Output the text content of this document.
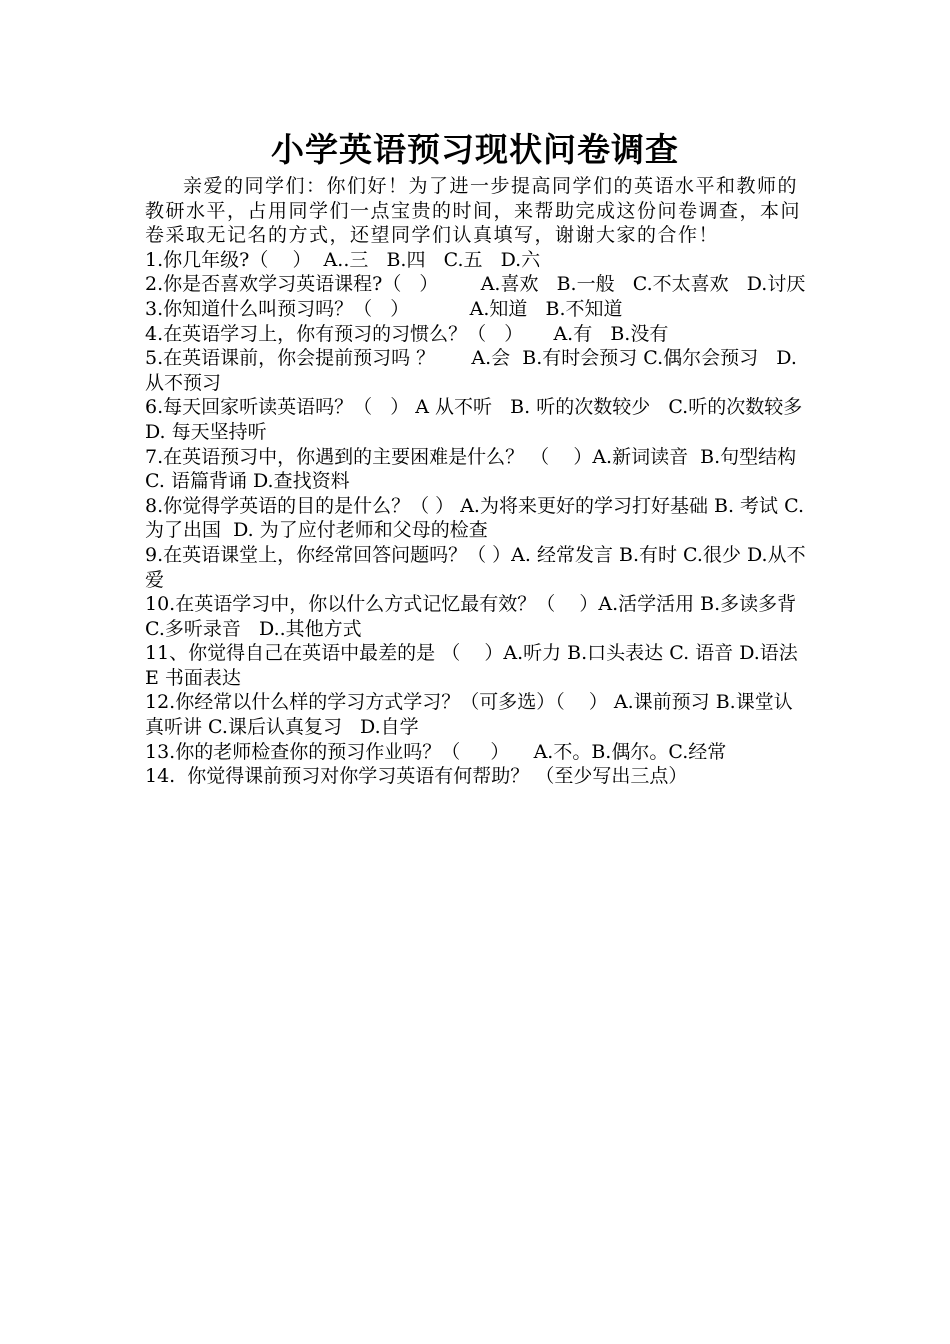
小学英语预习现状问卷调查

亲爱的同学们：你们好！为了进一步提高同学们的英语水平和教师的教研水平，占用同学们一点宝贵的时间，来帮助完成这份问卷调查，本问卷采取无记名的方式，还望同学们认真填写，谢谢大家的合作！

1.你几年级?（    ）  A..三   B.四   C.五   D.六

2.你是否喜欢学习英语课程?（   ）       A.喜欢   B.一般   C.不太喜欢   D.讨厌

3.你知道什么叫预习吗？（   ）          A.知道   B.不知道

4.在英语学习上，你有预习的习惯么？（   ）     A.有   B.没有

5.在英语课前，你会提前预习吗 ？      A.会  B.有时会预习 C.偶尔会预习   D.从不预习

6.每天回家听读英语吗？（   ） A 从不听   B. 听的次数较少   C.听的次数较多 D. 每天坚持听

7.在英语预习中，你遇到的主要困难是什么？ （    ）A.新词读音  B.句型结构 C. 语篇背诵 D.查找资料

8.你觉得学英语的目的是什么？（ ） A.为将来更好的学习打好基础 B. 考试 C.为了出国  D. 为了应付老师和父母的检查

9.在英语课堂上，你经常回答问题吗？（ ）A. 经常发言 B.有时 C.很少 D.从不爱

10.在英语学习中，你以什么方式记忆最有效？（    ）A.活学活用 B.多读多背 C.多听录音   D..其他方式

11、你觉得自己在英语中最差的是 （    ）A.听力 B.口头表达 C. 语音 D.语法 E 书面表达

12.你经常以什么样的学习方式学习？（可多选）（    ） A.课前预习 B.课堂认真听讲 C.课后认真复习   D.自学

13.你的老师检查你的预习作业吗？（     ）    A.不。B.偶尔。C.经常

14.  你觉得课前预习对你学习英语有何帮助？ （至少写出三点）
